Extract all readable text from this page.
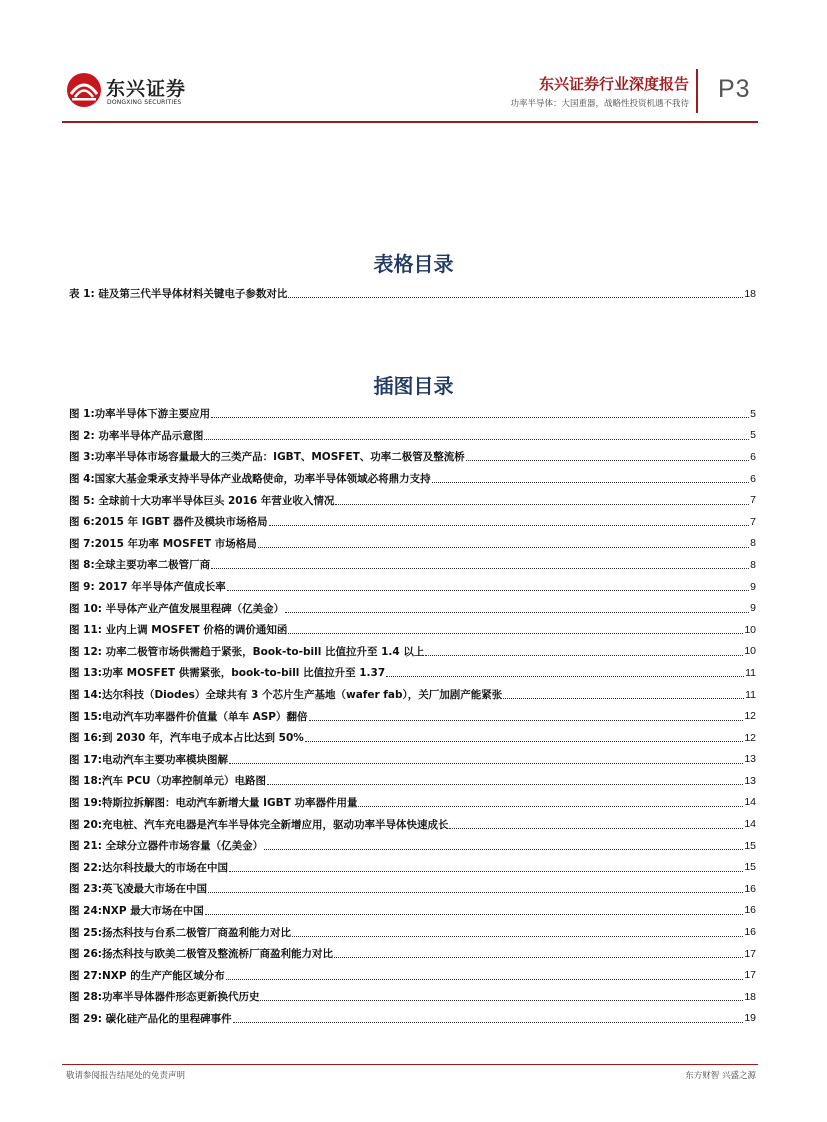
东兴证券
DONGXING SECURITIES
东兴证券行业深度报告
功率半导体：大国重器，战略性投资机遇不我待
P3
表格目录
表 1: 硅及第三代半导体材料关键电子参数对比	18
插图目录
图 1:功率半导体下游主要应用	5
图 2: 功率半导体产品示意图	5
图 3:功率半导体市场容量最大的三类产品：IGBT、MOSFET、功率二极管及整流桥	6
图 4:国家大基金秉承支持半导体产业战略使命，功率半导体领域必将鼎力支持	6
图 5: 全球前十大功率半导体巨头 2016 年营业收入情况	7
图 6:2015 年 IGBT 器件及模块市场格局	7
图 7:2015 年功率 MOSFET 市场格局	8
图 8:全球主要功率二极管厂商	8
图 9: 2017 年半导体产值成长率	9
图 10: 半导体产业产值发展里程碑（亿美金）	9
图 11: 业内上调 MOSFET 价格的调价通知函	10
图 12: 功率二极管市场供需趋于紧张，Book-to-bill 比值拉升至 1.4 以上	10
图 13:功率 MOSFET 供需紧张，book-to-bill 比值拉升至 1.37	11
图 14:达尔科技（Diodes）全球共有 3 个芯片生产基地（wafer fab），关厂加剧产能紧张	11
图 15:电动汽车功率器件价值量（单车 ASP）翻倍	12
图 16:到 2030 年，汽车电子成本占比达到 50%	12
图 17:电动汽车主要功率模块图解	13
图 18:汽车 PCU（功率控制单元）电路图	13
图 19:特斯拉拆解图：电动汽车新增大量 IGBT 功率器件用量	14
图 20:充电桩、汽车充电器是汽车半导体完全新增应用，驱动功率半导体快速成长	14
图 21: 全球分立器件市场容量（亿美金）	15
图 22:达尔科技最大的市场在中国	15
图 23:英飞凌最大市场在中国	16
图 24:NXP 最大市场在中国	16
图 25:扬杰科技与台系二极管厂商盈利能力对比	16
图 26:扬杰科技与欧美二极管及整流桥厂商盈利能力对比	17
图 27:NXP 的生产产能区域分布	17
图 28:功率半导体器件形态更新换代历史	18
图 29: 碳化硅产品化的里程碑事件	19
敬请参阅报告结尾处的免责声明	东方财智 兴盛之源
